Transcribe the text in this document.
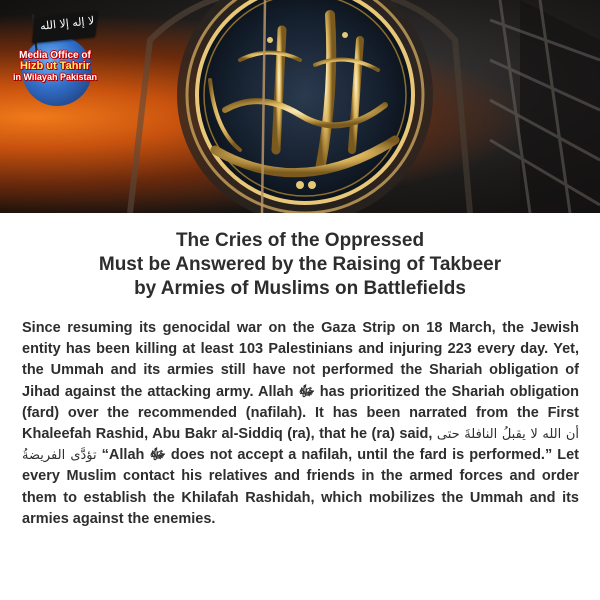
لا إله إلا الله
Media Office of
Hizb ut Tahrir
in Wilayah Pakistan
The Cries of the Oppressed
Must be Answered by the Raising of Takbeer
by Armies of Muslims on Battlefields

Since resuming its genocidal war on the Gaza Strip on 18 March, the Jewish entity has been killing at least 103 Palestinians and injuring 223 every day. Yet, the Ummah and its armies still have not performed the Shariah obligation of Jihad against the attacking army. Allah ﷻ has prioritized the Shariah obligation (fard) over the recommended (nafilah). It has been narrated from the First Khaleefah Rashid, Abu Bakr al-Siddiq (ra), that he (ra) said, أن الله لا يقبلُ النافلةَ حتى تؤدَّى الفريضةُ “Allah ﷻ does not accept a nafilah, until the fard is performed.” Let every Muslim contact his relatives and friends in the armed forces and order them to establish the Khilafah Rashidah, which mobilizes the Ummah and its armies against the enemies.
